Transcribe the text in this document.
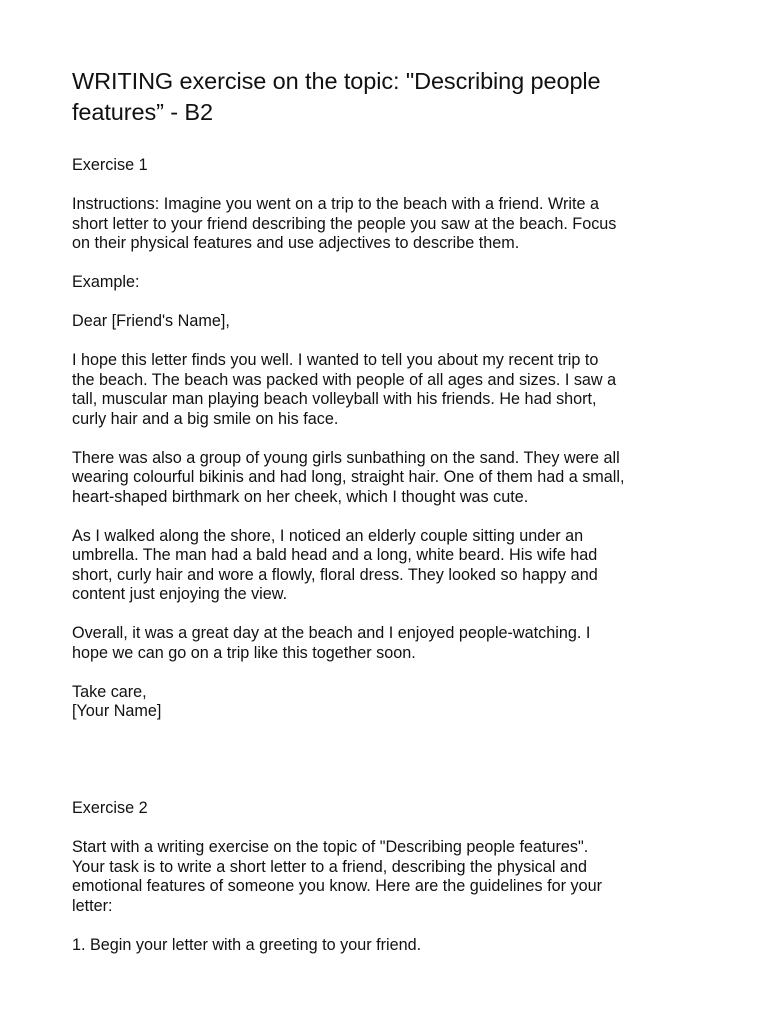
WRITING exercise on the topic: "Describing people
features” - B2

Exercise 1

Instructions: Imagine you went on a trip to the beach with a friend. Write a
short letter to your friend describing the people you saw at the beach. Focus
on their physical features and use adjectives to describe them.

Example:

Dear [Friend's Name],

I hope this letter finds you well. I wanted to tell you about my recent trip to
the beach. The beach was packed with people of all ages and sizes. I saw a
tall, muscular man playing beach volleyball with his friends. He had short,
curly hair and a big smile on his face.

There was also a group of young girls sunbathing on the sand. They were all
wearing colourful bikinis and had long, straight hair. One of them had a small,
heart-shaped birthmark on her cheek, which I thought was cute.

As I walked along the shore, I noticed an elderly couple sitting under an
umbrella. The man had a bald head and a long, white beard. His wife had
short, curly hair and wore a flowly, floral dress. They looked so happy and
content just enjoying the view.

Overall, it was a great day at the beach and I enjoyed people-watching. I
hope we can go on a trip like this together soon.

Take care,
[Your Name]

Exercise 2

Start with a writing exercise on the topic of "Describing people features".
Your task is to write a short letter to a friend, describing the physical and
emotional features of someone you know. Here are the guidelines for your
letter:

1. Begin your letter with a greeting to your friend.
